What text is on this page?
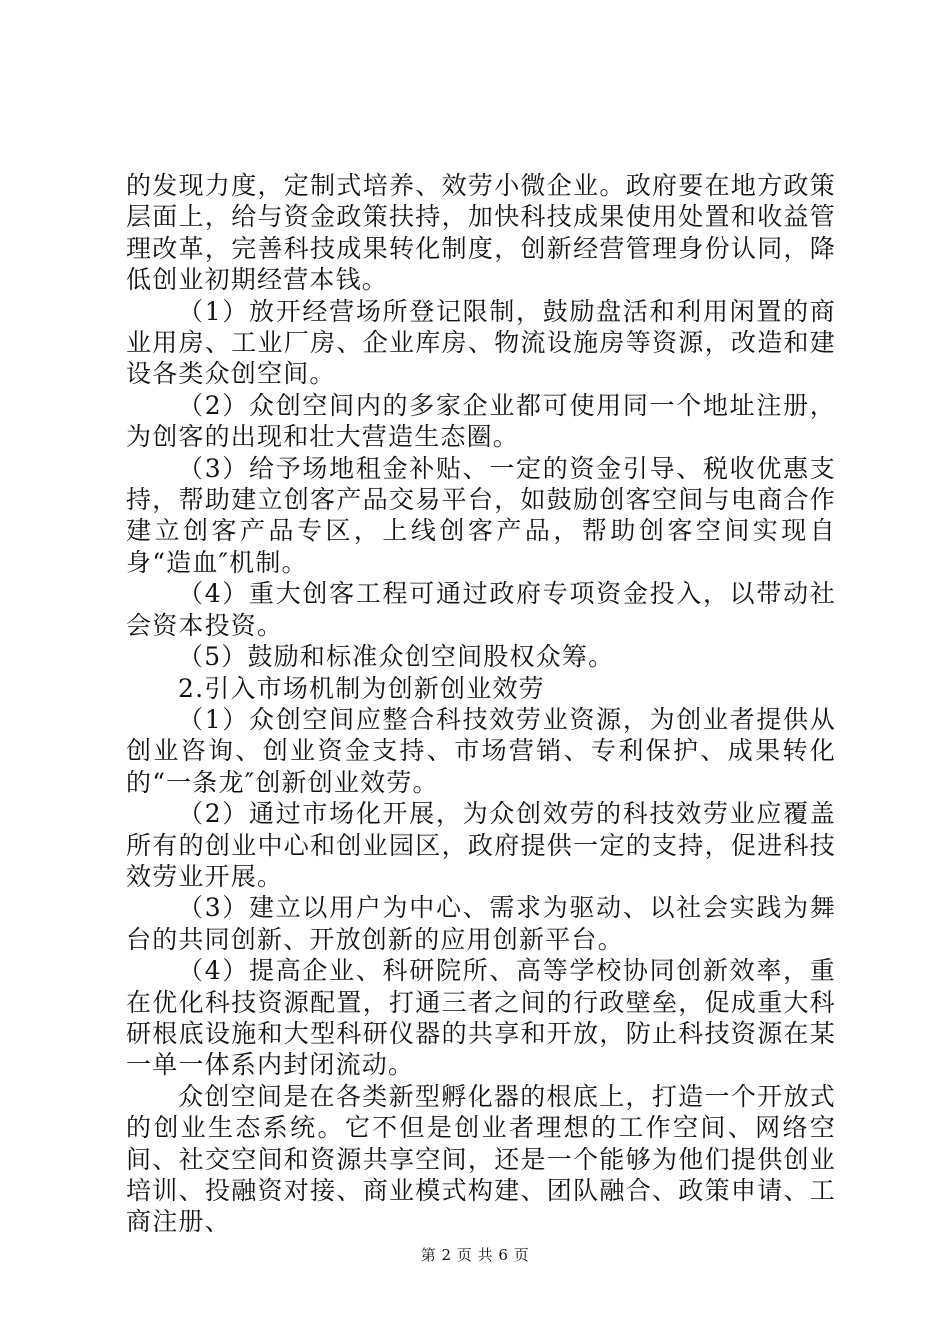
的发现力度，定制式培养、效劳小微企业。政府要在地方政策层面上，给与资金政策扶持，加快科技成果使用处置和收益管理改革，完善科技成果转化制度，创新经营管理身份认同，降低创业初期经营本钱。

（1）放开经营场所登记限制，鼓励盘活和利用闲置的商业用房、工业厂房、企业库房、物流设施房等资源，改造和建设各类众创空间。

（2）众创空间内的多家企业都可使用同一个地址注册，为创客的出现和壮大营造生态圈。

（3）给予场地租金补贴、一定的资金引导、税收优惠支持，帮助建立创客产品交易平台，如鼓励创客空间与电商合作建立创客产品专区，上线创客产品，帮助创客空间实现自身“造血″机制。

（4）重大创客工程可通过政府专项资金投入，以带动社会资本投资。

（5）鼓励和标准众创空间股权众筹。

2.引入市场机制为创新创业效劳

（1）众创空间应整合科技效劳业资源，为创业者提供从创业咨询、创业资金支持、市场营销、专利保护、成果转化的“一条龙″创新创业效劳。

（2）通过市场化开展，为众创效劳的科技效劳业应覆盖所有的创业中心和创业园区，政府提供一定的支持，促进科技效劳业开展。

（3）建立以用户为中心、需求为驱动、以社会实践为舞台的共同创新、开放创新的应用创新平台。

（4）提高企业、科研院所、高等学校协同创新效率，重在优化科技资源配置，打通三者之间的行政壁垒，促成重大科研根底设施和大型科研仪器的共享和开放，防止科技资源在某一单一体系内封闭流动。

众创空间是在各类新型孵化器的根底上，打造一个开放式的创业生态系统。它不但是创业者理想的工作空间、网络空间、社交空间和资源共享空间，还是一个能够为他们提供创业培训、投融资对接、商业模式构建、团队融合、政策申请、工商注册、

第 2 页 共 6 页
